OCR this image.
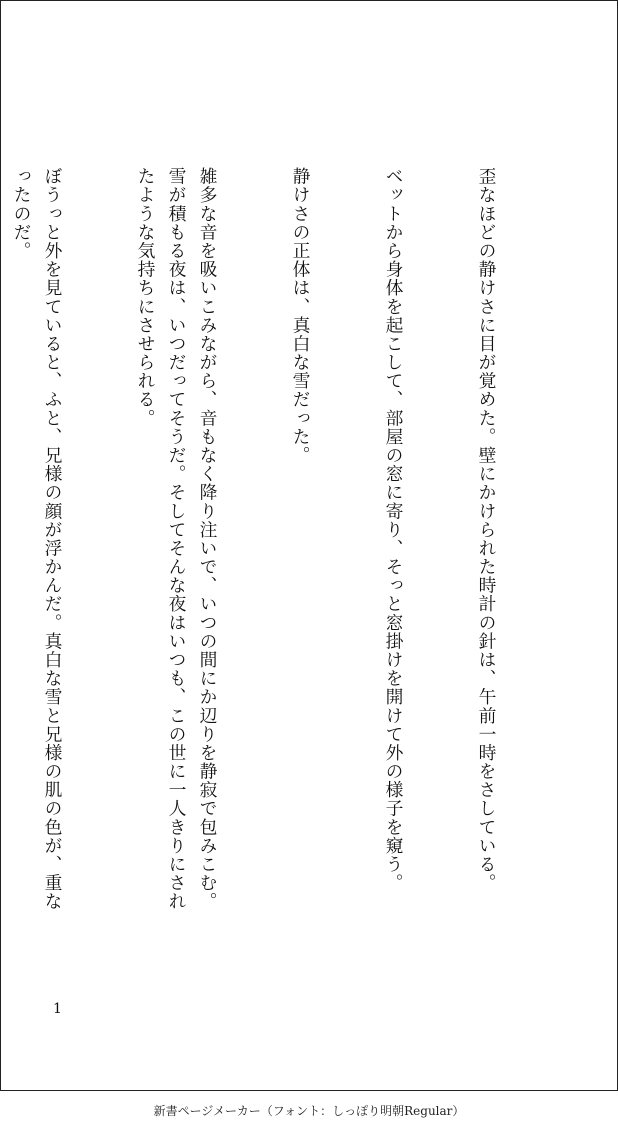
歪なほどの静けさに目が覚めた。壁にかけられた時計の針は、午前一時をさしている。

ベットから身体を起こして、部屋の窓に寄り、そっと窓掛けを開けて外の様子を窺う。

静けさの正体は、真白な雪だった。

雑多な音を吸いこみながら、音もなく降り注いで、いつの間にか辺りを静寂で包みこむ。雪が積もる夜は、いつだってそうだ。そしてそんな夜はいつも、この世に一人きりにされたような気持ちにさせられる。

ぼうっと外を見ていると、ふと、兄様の顔が浮かんだ。真白な雪と兄様の肌の色が、重なったのだ。

1
新書ページメーカー（フォント：しっぽり明朝Regular）
